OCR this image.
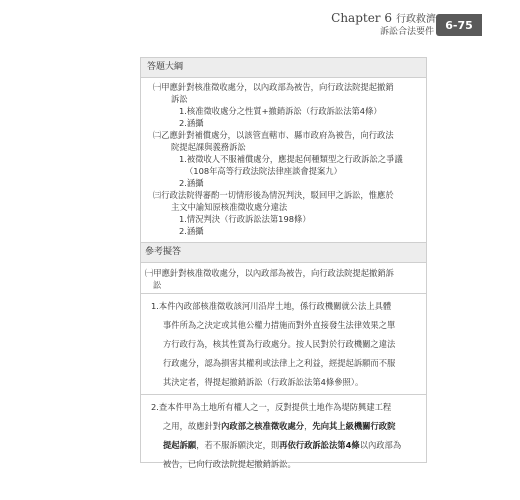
Chapter 6 行政救濟
訴訟合法要件
6-75
答題大綱
㈠甲應針對核准徵收處分，以內政部為被告，向行政法院提起撤銷
訴訟
1.核准徵收處分之性質+撤銷訴訟（行政訴訟法第4條）
2.涵攝
㈡乙應針對補償處分，以該管直轄市、縣市政府為被告，向行政法
院提起課與義務訴訟
1.被徵收人不服補償處分，應提起何種類型之行政訴訟之爭議
（108年高等行政法院法律座談會提案九）
2.涵攝
㈢行政法院得審酌一切情形後為情況判決，駁回甲之訴訟，惟應於
主文中諭知原核准徵收處分違法
1.情況判決（行政訴訟法第198條）
2.涵攝
參考擬答
㈠甲應針對核准徵收處分，以內政部為被告，向行政法院提起撤銷訴
訟
1.本件內政部核准徵收該河川沿岸土地，係行政機關就公法上具體
事件所為之決定或其他公權力措施而對外直接發生法律效果之單
方行政行為，核其性質為行政處分。按人民對於行政機關之違法
行政處分，認為損害其權利或法律上之利益，經提起訴願而不服
其決定者，得提起撤銷訴訟（行政訴訟法第4條參照）。
2.查本件甲為土地所有權人之一，反對提供土地作為堤防興建工程
之用，故應針對內政部之核准徵收處分，先向其上級機關行政院
提起訴願，若不服訴願決定，則再依行政訴訟法第4條以內政部為
被告，已向行政法院提起撤銷訴訟。
